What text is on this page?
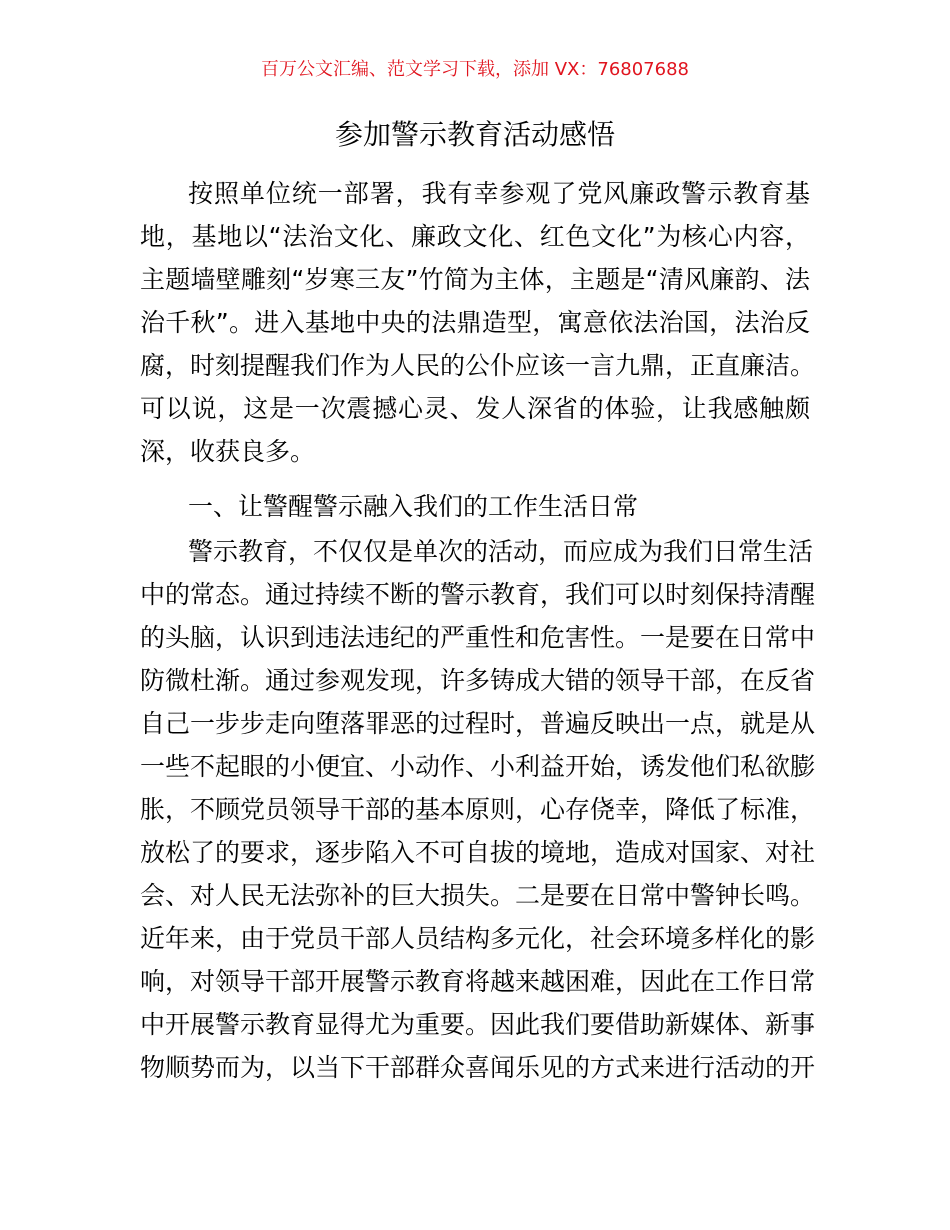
百万公文汇编、范文学习下载，添加 VX：76807688
参加警示教育活动感悟
按照单位统一部署，我有幸参观了党风廉政警示教育基
地，基地以“法治文化、廉政文化、红色文化”为核心内容，
主题墙壁雕刻“岁寒三友”竹简为主体，主题是“清风廉韵、法
治千秋”。进入基地中央的法鼎造型，寓意依法治国，法治反
腐，时刻提醒我们作为人民的公仆应该一言九鼎，正直廉洁。
可以说，这是一次震撼心灵、发人深省的体验，让我感触颇
深，收获良多。
一、让警醒警示融入我们的工作生活日常
警示教育，不仅仅是单次的活动，而应成为我们日常生活
中的常态。通过持续不断的警示教育，我们可以时刻保持清醒
的头脑，认识到违法违纪的严重性和危害性。一是要在日常中
防微杜渐。通过参观发现，许多铸成大错的领导干部，在反省
自己一步步走向堕落罪恶的过程时，普遍反映出一点，就是从
一些不起眼的小便宜、小动作、小利益开始，诱发他们私欲膨
胀，不顾党员领导干部的基本原则，心存侥幸，降低了标准，
放松了的要求，逐步陷入不可自拔的境地，造成对国家、对社
会、对人民无法弥补的巨大损失。二是要在日常中警钟长鸣。
近年来，由于党员干部人员结构多元化，社会环境多样化的影
响，对领导干部开展警示教育将越来越困难，因此在工作日常
中开展警示教育显得尤为重要。因此我们要借助新媒体、新事
物顺势而为，以当下干部群众喜闻乐见的方式来进行活动的开
